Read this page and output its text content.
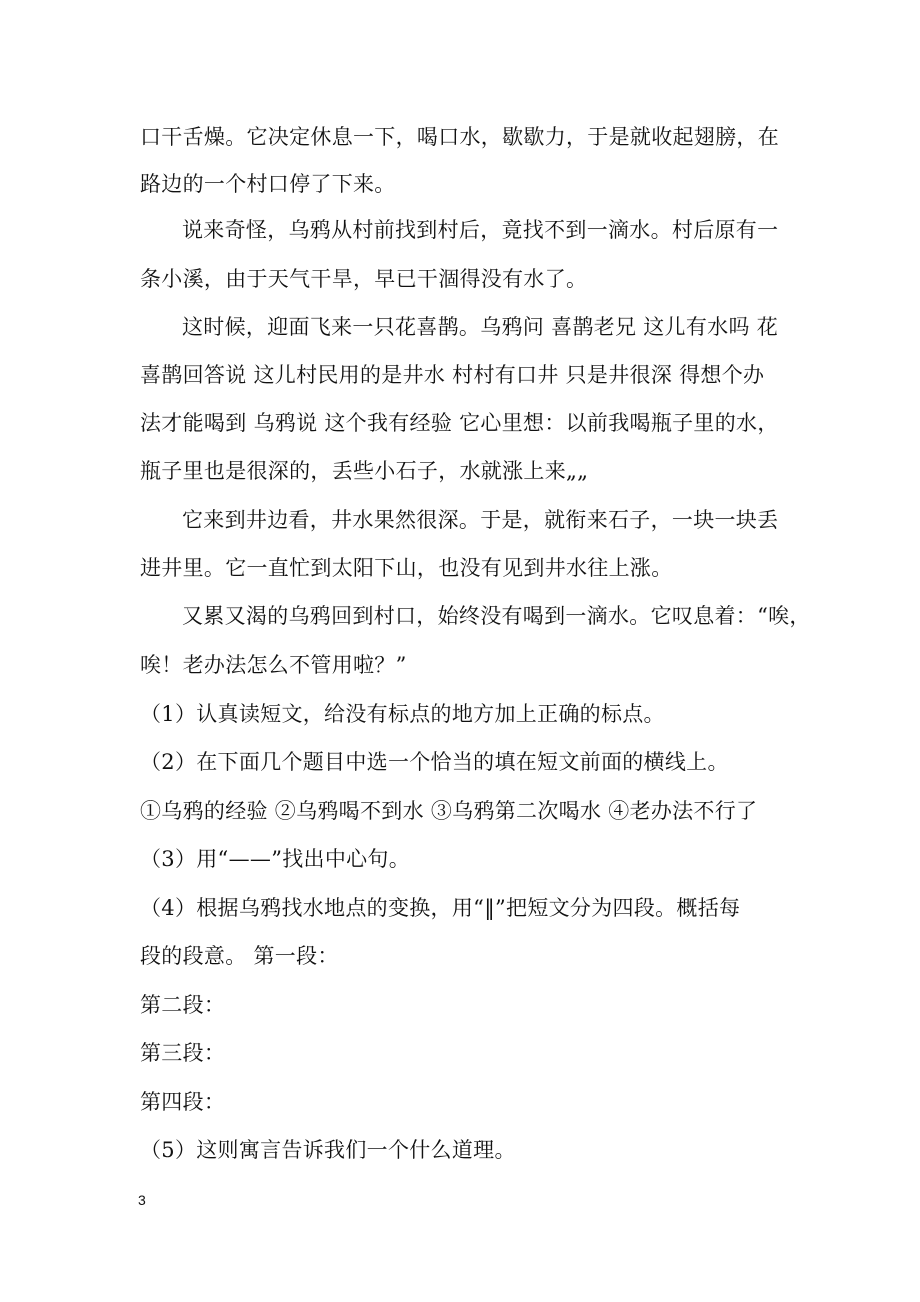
口干舌燥。它决定休息一下，喝口水，歇歇力，于是就收起翅膀，在
路边的一个村口停了下来。
说来奇怪，乌鸦从村前找到村后，竟找不到一滴水。村后原有一
条小溪，由于天气干旱，早已干涸得没有水了。
这时候，迎面飞来一只花喜鹊。乌鸦问 喜鹊老兄 这儿有水吗 花
喜鹊回答说 这儿村民用的是井水 村村有口井 只是井很深 得想个办
法才能喝到 乌鸦说 这个我有经验 它心里想：以前我喝瓶子里的水，
瓶子里也是很深的，丢些小石子，水就涨上来„„
它来到井边看，井水果然很深。于是，就衔来石子，一块一块丢
进井里。它一直忙到太阳下山，也没有见到井水往上涨。
又累又渴的乌鸦回到村口，始终没有喝到一滴水。它叹息着：“唉，
唉！老办法怎么不管用啦？”
（1）认真读短文，给没有标点的地方加上正确的标点。
（2）在下面几个题目中选一个恰当的填在短文前面的横线上。
①乌鸦的经验 ②乌鸦喝不到水 ③乌鸦第二次喝水 ④老办法不行了
（3）用“——”找出中心句。
（4）根据乌鸦找水地点的变换，用“‖”把短文分为四段。概括每
段的段意。 第一段：
第二段：
第三段：
第四段：
（5）这则寓言告诉我们一个什么道理。
3
